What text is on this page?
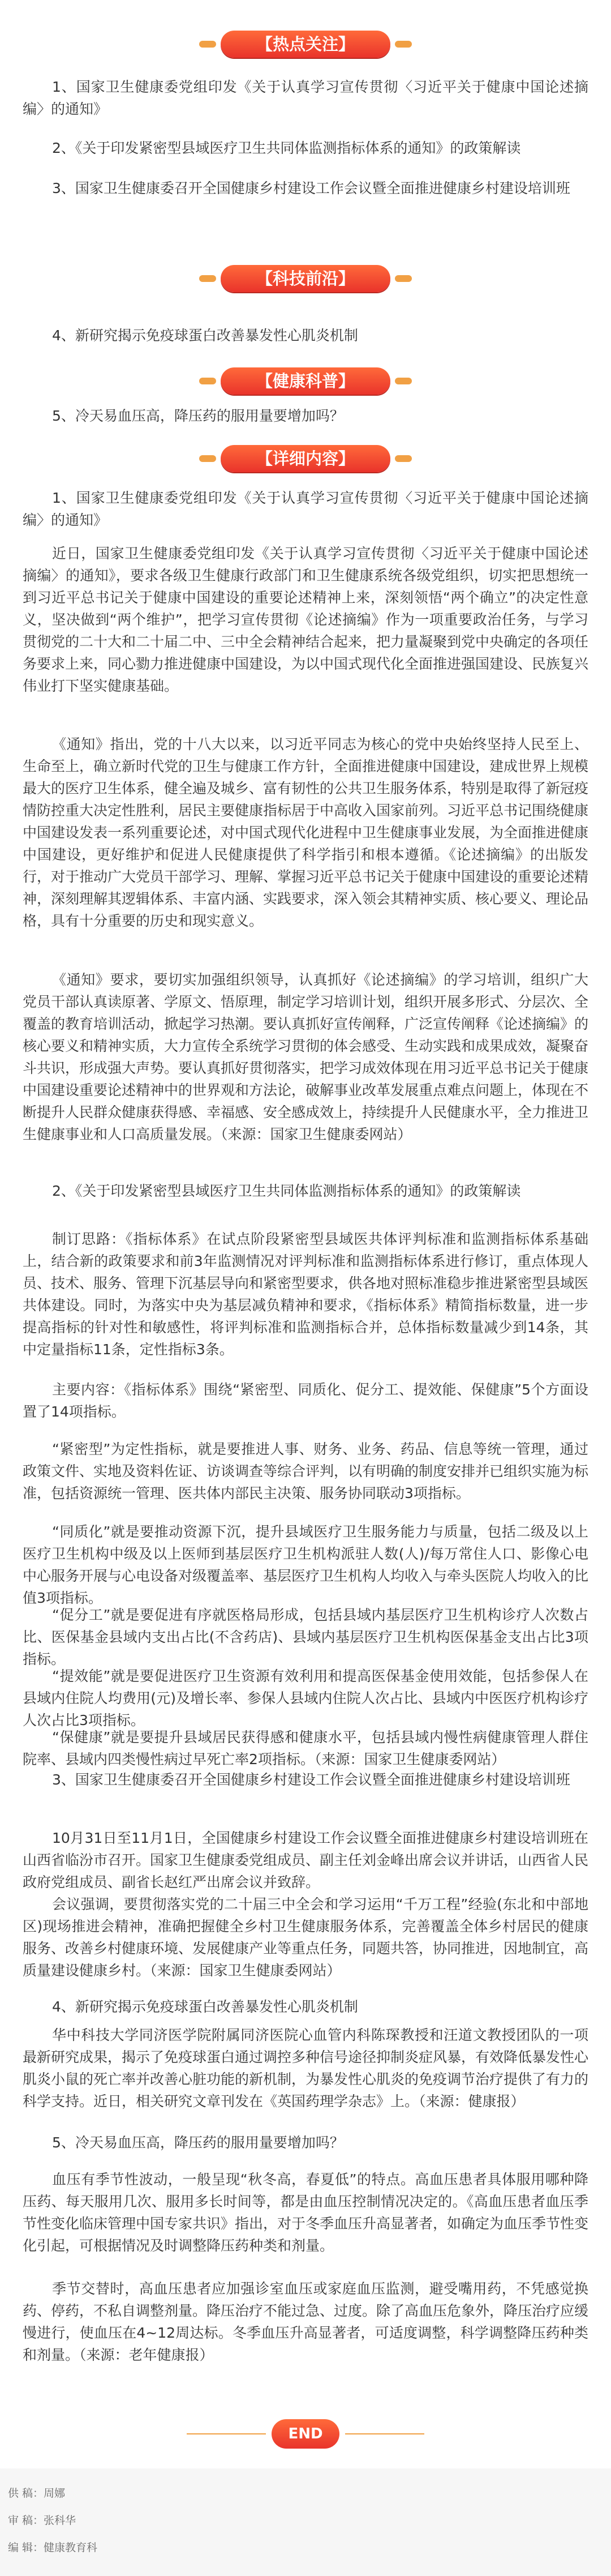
【热点关注】

1、国家卫生健康委党组印发《关于认真学习宣传贯彻〈习近平关于健康中国论述摘编〉的通知》

2、《关于印发紧密型县域医疗卫生共同体监测指标体系的通知》的政策解读

3、国家卫生健康委召开全国健康乡村建设工作会议暨全面推进健康乡村建设培训班

【科技前沿】

4、新研究揭示免疫球蛋白改善暴发性心肌炎机制

【健康科普】

5、冷天易血压高，降压药的服用量要增加吗？

【详细内容】

1、国家卫生健康委党组印发《关于认真学习宣传贯彻〈习近平关于健康中国论述摘编〉的通知》

近日，国家卫生健康委党组印发《关于认真学习宣传贯彻〈习近平关于健康中国论述摘编〉的通知》，要求各级卫生健康行政部门和卫生健康系统各级党组织，切实把思想统一到习近平总书记关于健康中国建设的重要论述精神上来，深刻领悟“两个确立”的决定性意义，坚决做到“两个维护”，把学习宣传贯彻《论述摘编》作为一项重要政治任务，与学习贯彻党的二十大和二十届二中、三中全会精神结合起来，把力量凝聚到党中央确定的各项任务要求上来，同心勠力推进健康中国建设，为以中国式现代化全面推进强国建设、民族复兴伟业打下坚实健康基础。

《通知》指出，党的十八大以来，以习近平同志为核心的党中央始终坚持人民至上、生命至上，确立新时代党的卫生与健康工作方针，全面推进健康中国建设，建成世界上规模最大的医疗卫生体系，健全遍及城乡、富有韧性的公共卫生服务体系，特别是取得了新冠疫情防控重大决定性胜利，居民主要健康指标居于中高收入国家前列。习近平总书记围绕健康中国建设发表一系列重要论述，对中国式现代化进程中卫生健康事业发展，为全面推进健康中国建设，更好维护和促进人民健康提供了科学指引和根本遵循。《论述摘编》的出版发行，对于推动广大党员干部学习、理解、掌握习近平总书记关于健康中国建设的重要论述精神，深刻理解其逻辑体系、丰富内涵、实践要求，深入领会其精神实质、核心要义、理论品格，具有十分重要的历史和现实意义。

《通知》要求，要切实加强组织领导，认真抓好《论述摘编》的学习培训，组织广大党员干部认真读原著、学原文、悟原理，制定学习培训计划，组织开展多形式、分层次、全覆盖的教育培训活动，掀起学习热潮。要认真抓好宣传阐释，广泛宣传阐释《论述摘编》的核心要义和精神实质，大力宣传全系统学习贯彻的体会感受、生动实践和成果成效，凝聚奋斗共识，形成强大声势。要认真抓好贯彻落实，把学习成效体现在用习近平总书记关于健康中国建设重要论述精神中的世界观和方法论，破解事业改革发展重点难点问题上，体现在不断提升人民群众健康获得感、幸福感、安全感成效上，持续提升人民健康水平，全力推进卫生健康事业和人口高质量发展。（来源：国家卫生健康委网站）

2、《关于印发紧密型县域医疗卫生共同体监测指标体系的通知》的政策解读

制订思路：《指标体系》在试点阶段紧密型县域医共体评判标准和监测指标体系基础上，结合新的政策要求和前3年监测情况对评判标准和监测指标体系进行修订，重点体现人员、技术、服务、管理下沉基层导向和紧密型要求，供各地对照标准稳步推进紧密型县域医共体建设。同时，为落实中央为基层减负精神和要求，《指标体系》精简指标数量，进一步提高指标的针对性和敏感性，将评判标准和监测指标合并，总体指标数量减少到14条，其中定量指标11条，定性指标3条。

主要内容：《指标体系》围绕“紧密型、同质化、促分工、提效能、保健康”5个方面设置了14项指标。

“紧密型”为定性指标，就是要推进人事、财务、业务、药品、信息等统一管理，通过政策文件、实地及资料佐证、访谈调查等综合评判，以有明确的制度安排并已组织实施为标准，包括资源统一管理、医共体内部民主决策、服务协同联动3项指标。

“同质化”就是要推动资源下沉，提升县域医疗卫生服务能力与质量，包括二级及以上医疗卫生机构中级及以上医师到基层医疗卫生机构派驻人数(人)/每万常住人口、影像心电中心服务开展与心电设备对级覆盖率、基层医疗卫生机构人均收入与牵头医院人均收入的比值3项指标。

“促分工”就是要促进有序就医格局形成，包括县域内基层医疗卫生机构诊疗人次数占比、医保基金县域内支出占比(不含药店)、县域内基层医疗卫生机构医保基金支出占比3项指标。

“提效能”就是要促进医疗卫生资源有效利用和提高医保基金使用效能，包括参保人在县域内住院人均费用(元)及增长率、参保人县域内住院人次占比、县域内中医医疗机构诊疗人次占比3项指标。

“保健康”就是要提升县域居民获得感和健康水平，包括县域内慢性病健康管理人群住院率、县域内四类慢性病过早死亡率2项指标。（来源：国家卫生健康委网站）

3、国家卫生健康委召开全国健康乡村建设工作会议暨全面推进健康乡村建设培训班

10月31日至11月1日，全国健康乡村建设工作会议暨全面推进健康乡村建设培训班在山西省临汾市召开。国家卫生健康委党组成员、副主任刘金峰出席会议并讲话，山西省人民政府党组成员、副省长赵红严出席会议并致辞。

会议强调，要贯彻落实党的二十届三中全会和学习运用“千万工程”经验(东北和中部地区)现场推进会精神，准确把握健全乡村卫生健康服务体系，完善覆盖全体乡村居民的健康服务、改善乡村健康环境、发展健康产业等重点任务，同题共答，协同推进，因地制宜，高质量建设健康乡村。（来源：国家卫生健康委网站）

4、新研究揭示免疫球蛋白改善暴发性心肌炎机制

华中科技大学同济医学院附属同济医院心血管内科陈琛教授和汪道文教授团队的一项最新研究成果，揭示了免疫球蛋白通过调控多种信号途径抑制炎症风暴，有效降低暴发性心肌炎小鼠的死亡率并改善心脏功能的新机制，为暴发性心肌炎的免疫调节治疗提供了有力的科学支持。近日，相关研究文章刊发在《英国药理学杂志》上。（来源：健康报）

5、冷天易血压高，降压药的服用量要增加吗？

血压有季节性波动，一般呈现“秋冬高，春夏低”的特点。高血压患者具体服用哪种降压药、每天服用几次、服用多长时间等，都是由血压控制情况决定的。《高血压患者血压季节性变化临床管理中国专家共识》指出，对于冬季血压升高显著者，如确定为血压季节性变化引起，可根据情况及时调整降压药种类和剂量。

季节交替时，高血压患者应加强诊室血压或家庭血压监测，避受嘴用药，不凭感觉换药、停药，不私自调整剂量。降压治疗不能过急、过度。除了高血压危象外，降压治疗应缓慢进行，使血压在4~12周达标。冬季血压升高显著者，可适度调整，科学调整降压药种类和剂量。（来源：老年健康报）

END
供 稿：周娜
审 稿：张科华
编 辑：健康教育科
